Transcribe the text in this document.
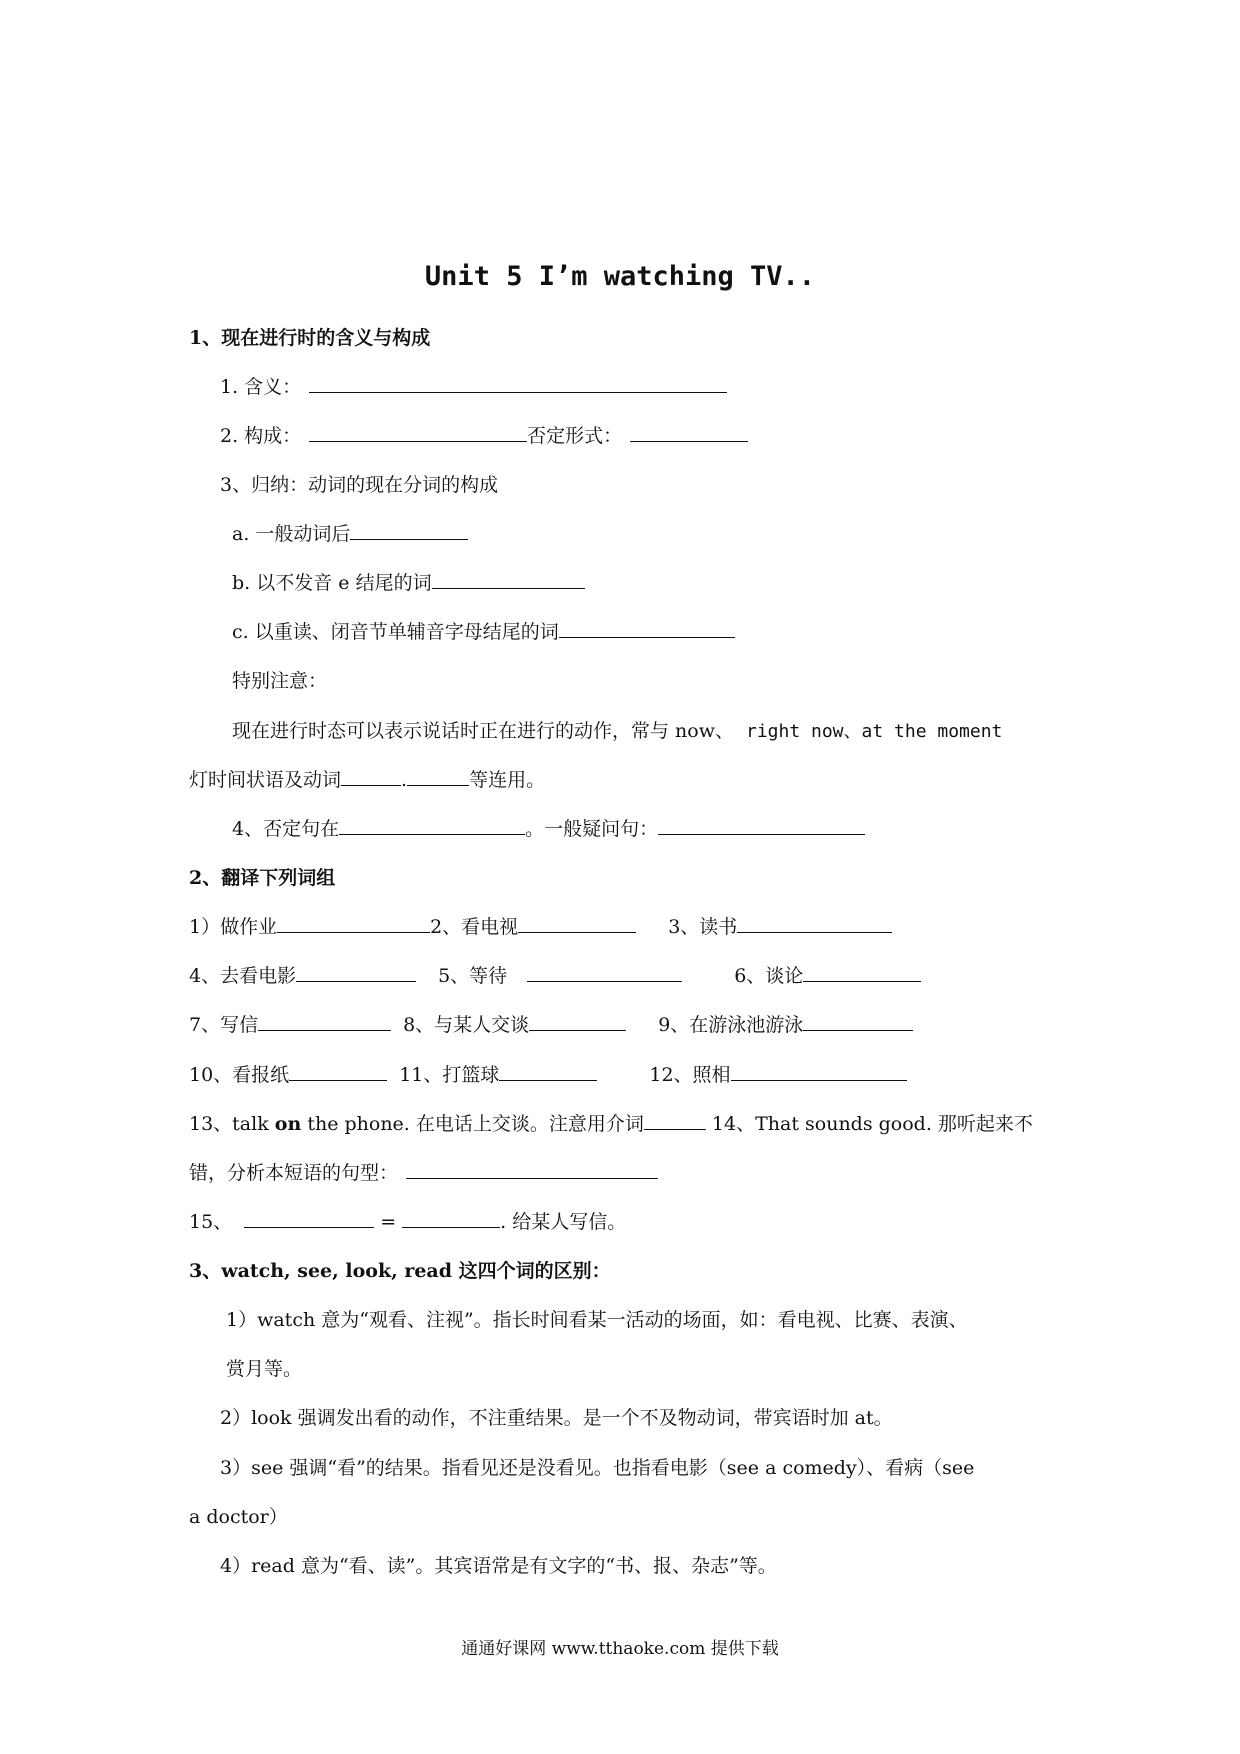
Unit 5 I’m watching TV..
1、现在进行时的含义与构成
1. 含义：
2. 构成：	否定形式：
3、归纳：动词的现在分词的构成
a. 一般动词后
b. 以不发音 e 结尾的词
c. 以重读、闭音节单辅音字母结尾的词
特别注意：
现在进行时态可以表示说话时正在进行的动作，常与 now、 right now、at the moment
灯时间状语及动词	.	等连用。
4、否定句在	。一般疑问句：
2、翻译下列词组
1）做作业	2、看电视	3、读书
4、去看电影	5、等待	6、谈论
7、写信	8、与某人交谈	9、在游泳池游泳
10、看报纸	11、打篮球	12、照相
13、talk on the phone. 在电话上交谈。注意用介词	14、That sounds good. 那听起来不
错，分析本短语的句型：
15、	=	. 给某人写信。
3、watch, see, look, read 这四个词的区别：
1）watch 意为“观看、注视”。指长时间看某一活动的场面，如：看电视、比赛、表演、
赏月等。
2）look 强调发出看的动作，不注重结果。是一个不及物动词，带宾语时加 at。
3）see 强调“看”的结果。指看见还是没看见。也指看电影（see a comedy）、看病（see
a doctor）
4）read 意为“看、读”。其宾语常是有文字的“书、报、杂志”等。
通通好课网 www.tthaoke.com 提供下载
